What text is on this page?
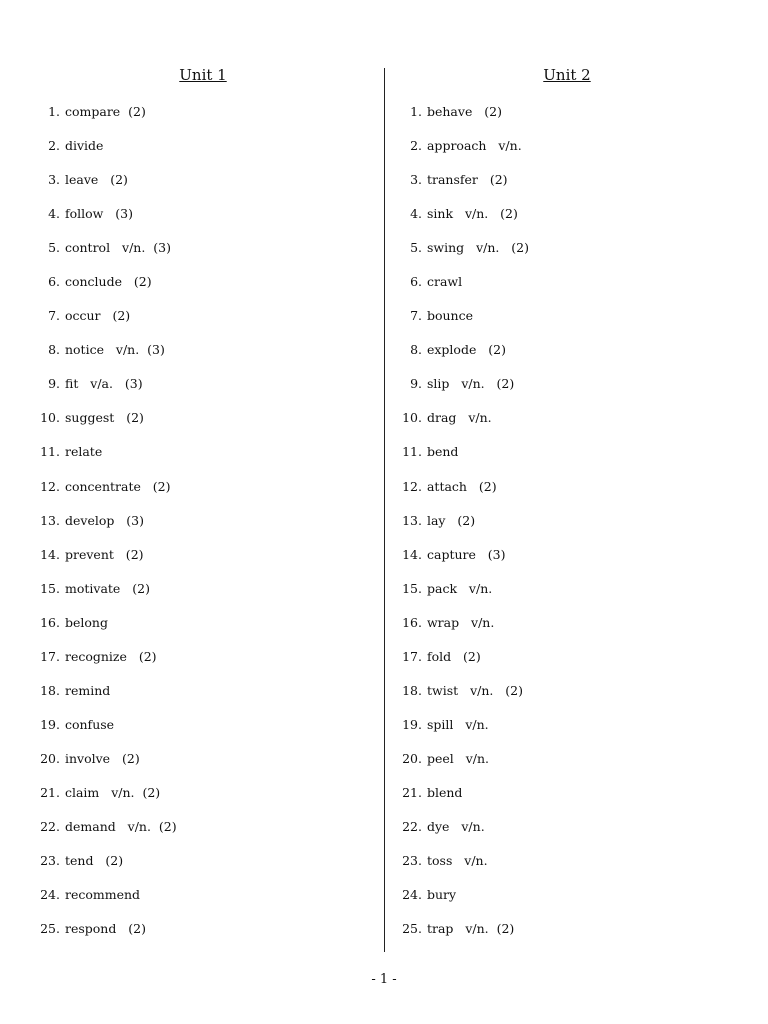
Unit 1
1. compare  (2)
2. divide
3. leave   (2)
4. follow   (3)
5. control   v/n.  (3)
6. conclude   (2)
7. occur   (2)
8. notice   v/n.  (3)
9. fit   v/a.   (3)
10. suggest   (2)
11. relate
12. concentrate   (2)
13. develop   (3)
14. prevent   (2)
15. motivate   (2)
16. belong
17. recognize   (2)
18. remind
19. confuse
20. involve   (2)
21. claim   v/n.  (2)
22. demand   v/n.  (2)
23. tend   (2)
24. recommend
25. respond   (2)
Unit 2
1. behave   (2)
2. approach   v/n.
3. transfer   (2)
4. sink   v/n.   (2)
5. swing   v/n.   (2)
6. crawl
7. bounce
8. explode   (2)
9. slip   v/n.   (2)
10. drag   v/n.
11. bend
12. attach   (2)
13. lay   (2)
14. capture   (3)
15. pack   v/n.
16. wrap   v/n.
17. fold   (2)
18. twist   v/n.   (2)
19. spill   v/n.
20. peel   v/n.
21. blend
22. dye   v/n.
23. toss   v/n.
24. bury
25. trap   v/n.  (2)
- 1 -
